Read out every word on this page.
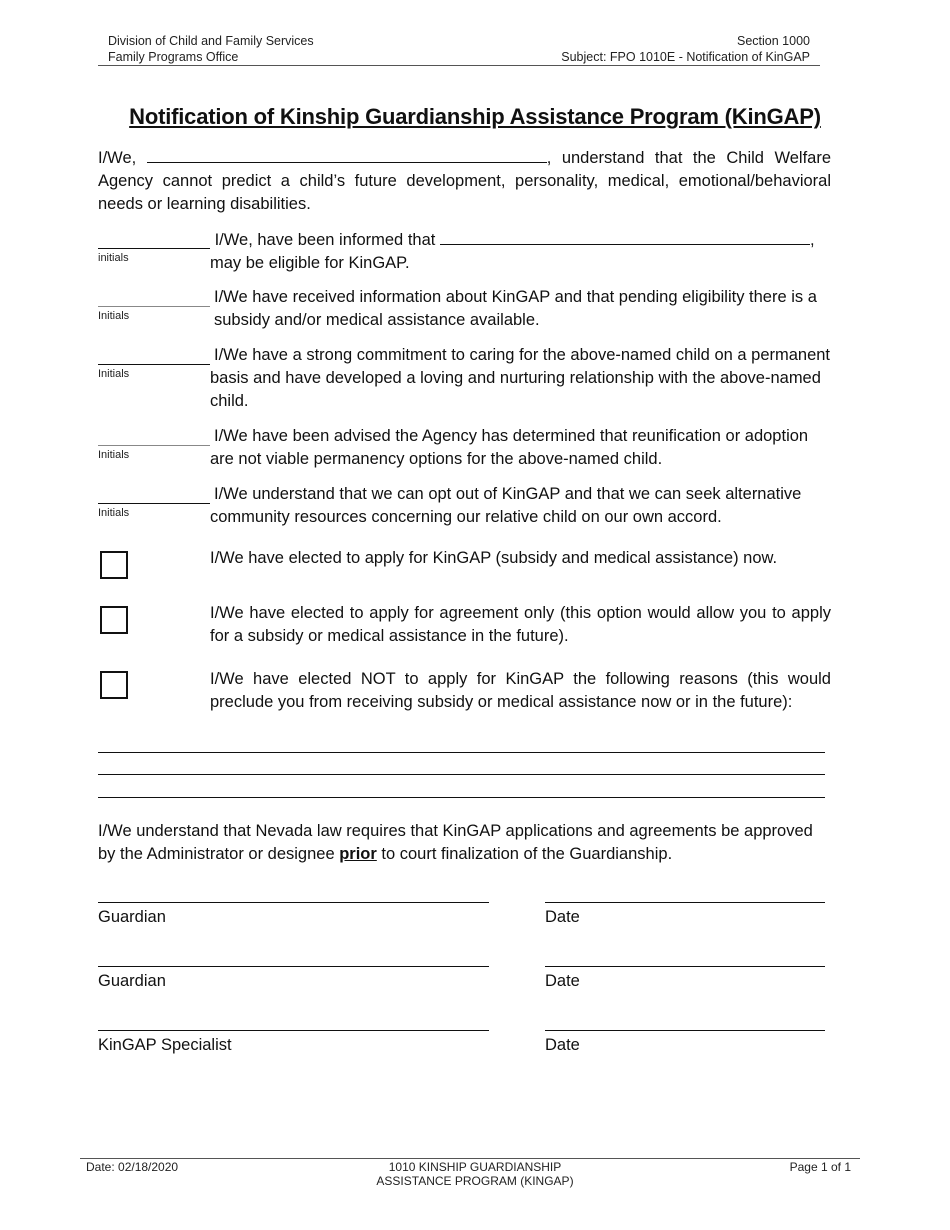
Division of Child and Family Services
Family Programs Office
Section 1000
Subject: FPO 1010E - Notification of KinGAP
Notification of Kinship Guardianship Assistance Program (KinGAP)
I/We,	, understand that the Child Welfare Agency cannot predict a child’s future development, personality, medical, emotional/behavioral needs or learning disabilities.
initials
I/We, have been informed that	,
may be eligible for KinGAP.
Initials
I/We have received information about KinGAP and that pending eligibility there is a subsidy and/or medical assistance available.
Initials
I/We have a strong commitment to caring for the above-named child on a permanent basis and have developed a loving and nurturing relationship with the above-named child.
Initials
I/We have been advised the Agency has determined that reunification or adoption are not viable permanency options for the above-named child.
Initials
I/We understand that we can opt out of KinGAP and that we can seek alternative community resources concerning our relative child on our own accord.
I/We have elected to apply for KinGAP (subsidy and medical assistance) now.
I/We have elected to apply for agreement only (this option would allow you to apply for a subsidy or medical assistance in the future).
I/We have elected NOT to apply for KinGAP the following reasons (this would preclude you from receiving subsidy or medical assistance now or in the future):
I/We understand that Nevada law requires that KinGAP applications and agreements be approved by the Administrator or designee prior to court finalization of the Guardianship.
Guardian	Date
Guardian	Date
KinGAP Specialist	Date
Date: 02/18/2020	1010 KINSHIP GUARDIANSHIP
ASSISTANCE PROGRAM (KINGAP)
Page 1 of 1
